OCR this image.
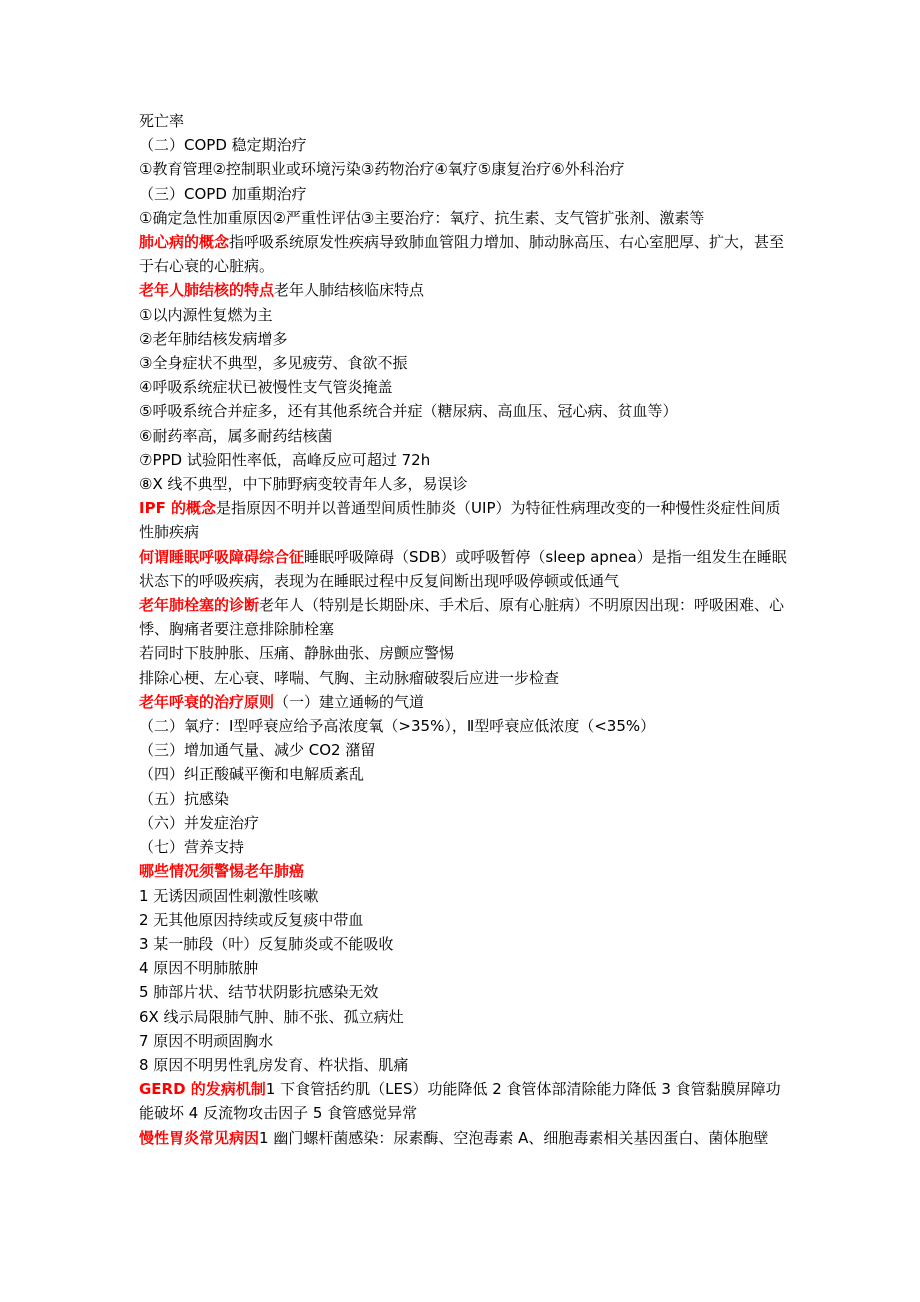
死亡率
（二）COPD 稳定期治疗
①教育管理②控制职业或环境污染③药物治疗④氧疗⑤康复治疗⑥外科治疗
（三）COPD 加重期治疗
①确定急性加重原因②严重性评估③主要治疗：氧疗、抗生素、支气管扩张剂、激素等
肺心病的概念指呼吸系统原发性疾病导致肺血管阻力增加、肺动脉高压、右心室肥厚、扩大，甚至于右心衰的心脏病。
老年人肺结核的特点老年人肺结核临床特点
①以内源性复燃为主
②老年肺结核发病增多
③全身症状不典型，多见疲劳、食欲不振
④呼吸系统症状已被慢性支气管炎掩盖
⑤呼吸系统合并症多，还有其他系统合并症（糖尿病、高血压、冠心病、贫血等）
⑥耐药率高，属多耐药结核菌
⑦PPD 试验阳性率低，高峰反应可超过 72h
⑧X 线不典型，中下肺野病变较青年人多，易误诊
IPF 的概念是指原因不明并以普通型间质性肺炎（UIP）为特征性病理改变的一种慢性炎症性间质性肺疾病
何谓睡眠呼吸障碍综合征睡眠呼吸障碍（SDB）或呼吸暂停（sleep apnea）是指一组发生在睡眠状态下的呼吸疾病，表现为在睡眠过程中反复间断出现呼吸停顿或低通气
老年肺栓塞的诊断老年人（特别是长期卧床、手术后、原有心脏病）不明原因出现：呼吸困难、心悸、胸痛者要注意排除肺栓塞
若同时下肢肿胀、压痛、静脉曲张、房颤应警惕
排除心梗、左心衰、哮喘、气胸、主动脉瘤破裂后应进一步检查
老年呼衰的治疗原则（一）建立通畅的气道
（二）氧疗：Ⅰ型呼衰应给予高浓度氧（>35%），Ⅱ型呼衰应低浓度（<35%）
（三）增加通气量、减少 CO2 潴留
（四）纠正酸碱平衡和电解质紊乱
（五）抗感染
（六）并发症治疗
（七）营养支持
哪些情况须警惕老年肺癌
1 无诱因顽固性刺激性咳嗽
2 无其他原因持续或反复痰中带血
3 某一肺段（叶）反复肺炎或不能吸收
4 原因不明肺脓肿
5 肺部片状、结节状阴影抗感染无效
6X 线示局限肺气肿、肺不张、孤立病灶
7 原因不明顽固胸水
8 原因不明男性乳房发育、杵状指、肌痛
GERD 的发病机制1 下食管括约肌（LES）功能降低 2 食管体部清除能力降低 3 食管黏膜屏障功能破坏 4 反流物攻击因子 5 食管感觉异常
慢性胃炎常见病因1 幽门螺杆菌感染：尿素酶、空泡毒素 A、细胞毒素相关基因蛋白、菌体胞壁
